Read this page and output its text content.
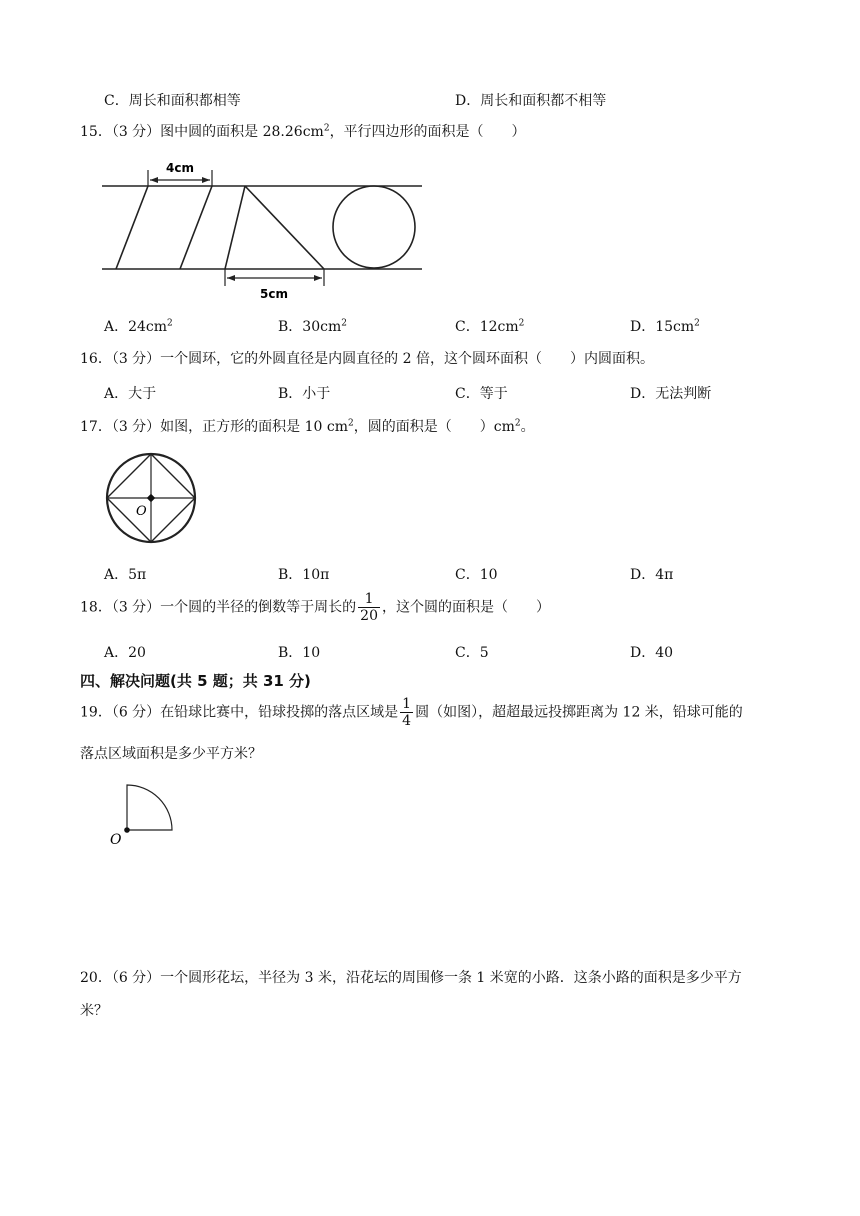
C．周长和面积都相等	D．周长和面积都不相等
15．（3 分）图中圆的面积是 $28.26cm^2$，平行四边形的面积是（　　）
4cm
5cm
A．$24cm^2$	B．$30cm^2$	C．$12cm^2$	D．$15cm^2$
16．（3 分）一个圆环，它的外圆直径是内圆直径的 2 倍，这个圆环面积（　　）内圆面积。
A．大于	B．小于	C．等于	D．无法判断
17．（3 分）如图，正方形的面积是 10 $cm^2$，圆的面积是（　　）$cm^2$。
O
A．5π	B．10π	C．10	D．4π
18．（3 分）一个圆的半径的倒数等于周长的 $\frac{1}{20}$ ，这个圆的面积是（　　）
A．20	B．10	C．5	D．40
四、解决问题(共 5 题；共 31 分)
19．（6 分）在铅球比赛中，铅球投掷的落点区域是 $\frac{1}{4}$ 圆（如图），超超最远投掷距离为 12 米，铅球可能的
落点区域面积是多少平方米？
O
20．（6 分）一个圆形花坛，半径为 3 米，沿花坛的周围修一条 1 米宽的小路．这条小路的面积是多少平方
米？
